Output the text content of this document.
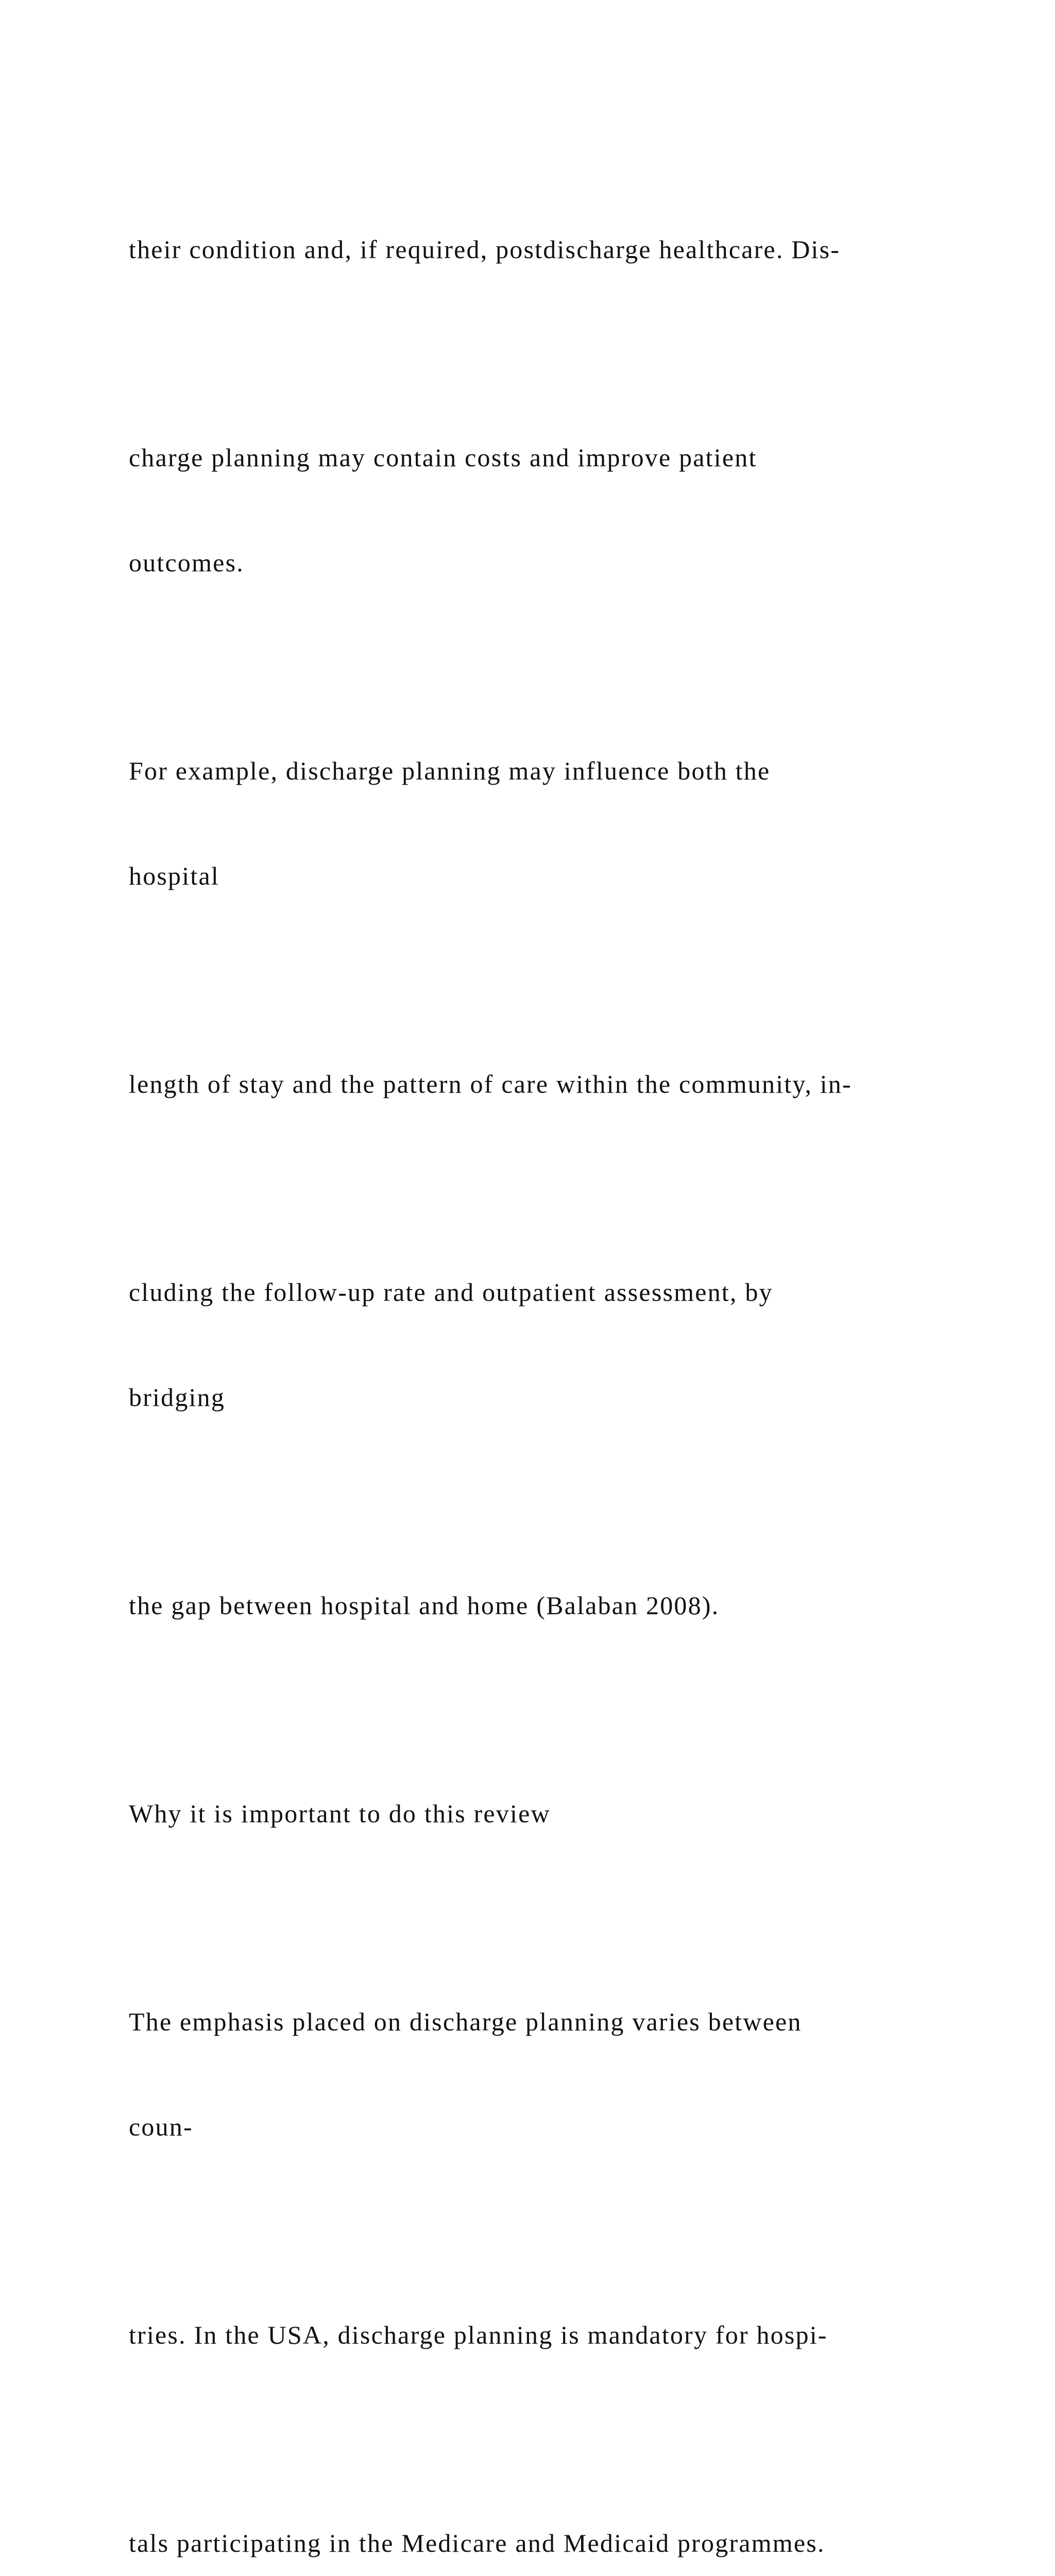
their condition and, if required, postdischarge healthcare. Dis-

charge planning may contain costs and improve patient

outcomes.

For example, discharge planning may influence both the

hospital

length of stay and the pattern of care within the community, in-

cluding the follow-up rate and outpatient assessment, by

bridging

the gap between hospital and home (Balaban 2008).

Why it is important to do this review

The emphasis placed on discharge planning varies between

coun-

tries. In the USA, discharge planning is mandatory for hospi-

tals participating in the Medicare and Medicaid programmes.
